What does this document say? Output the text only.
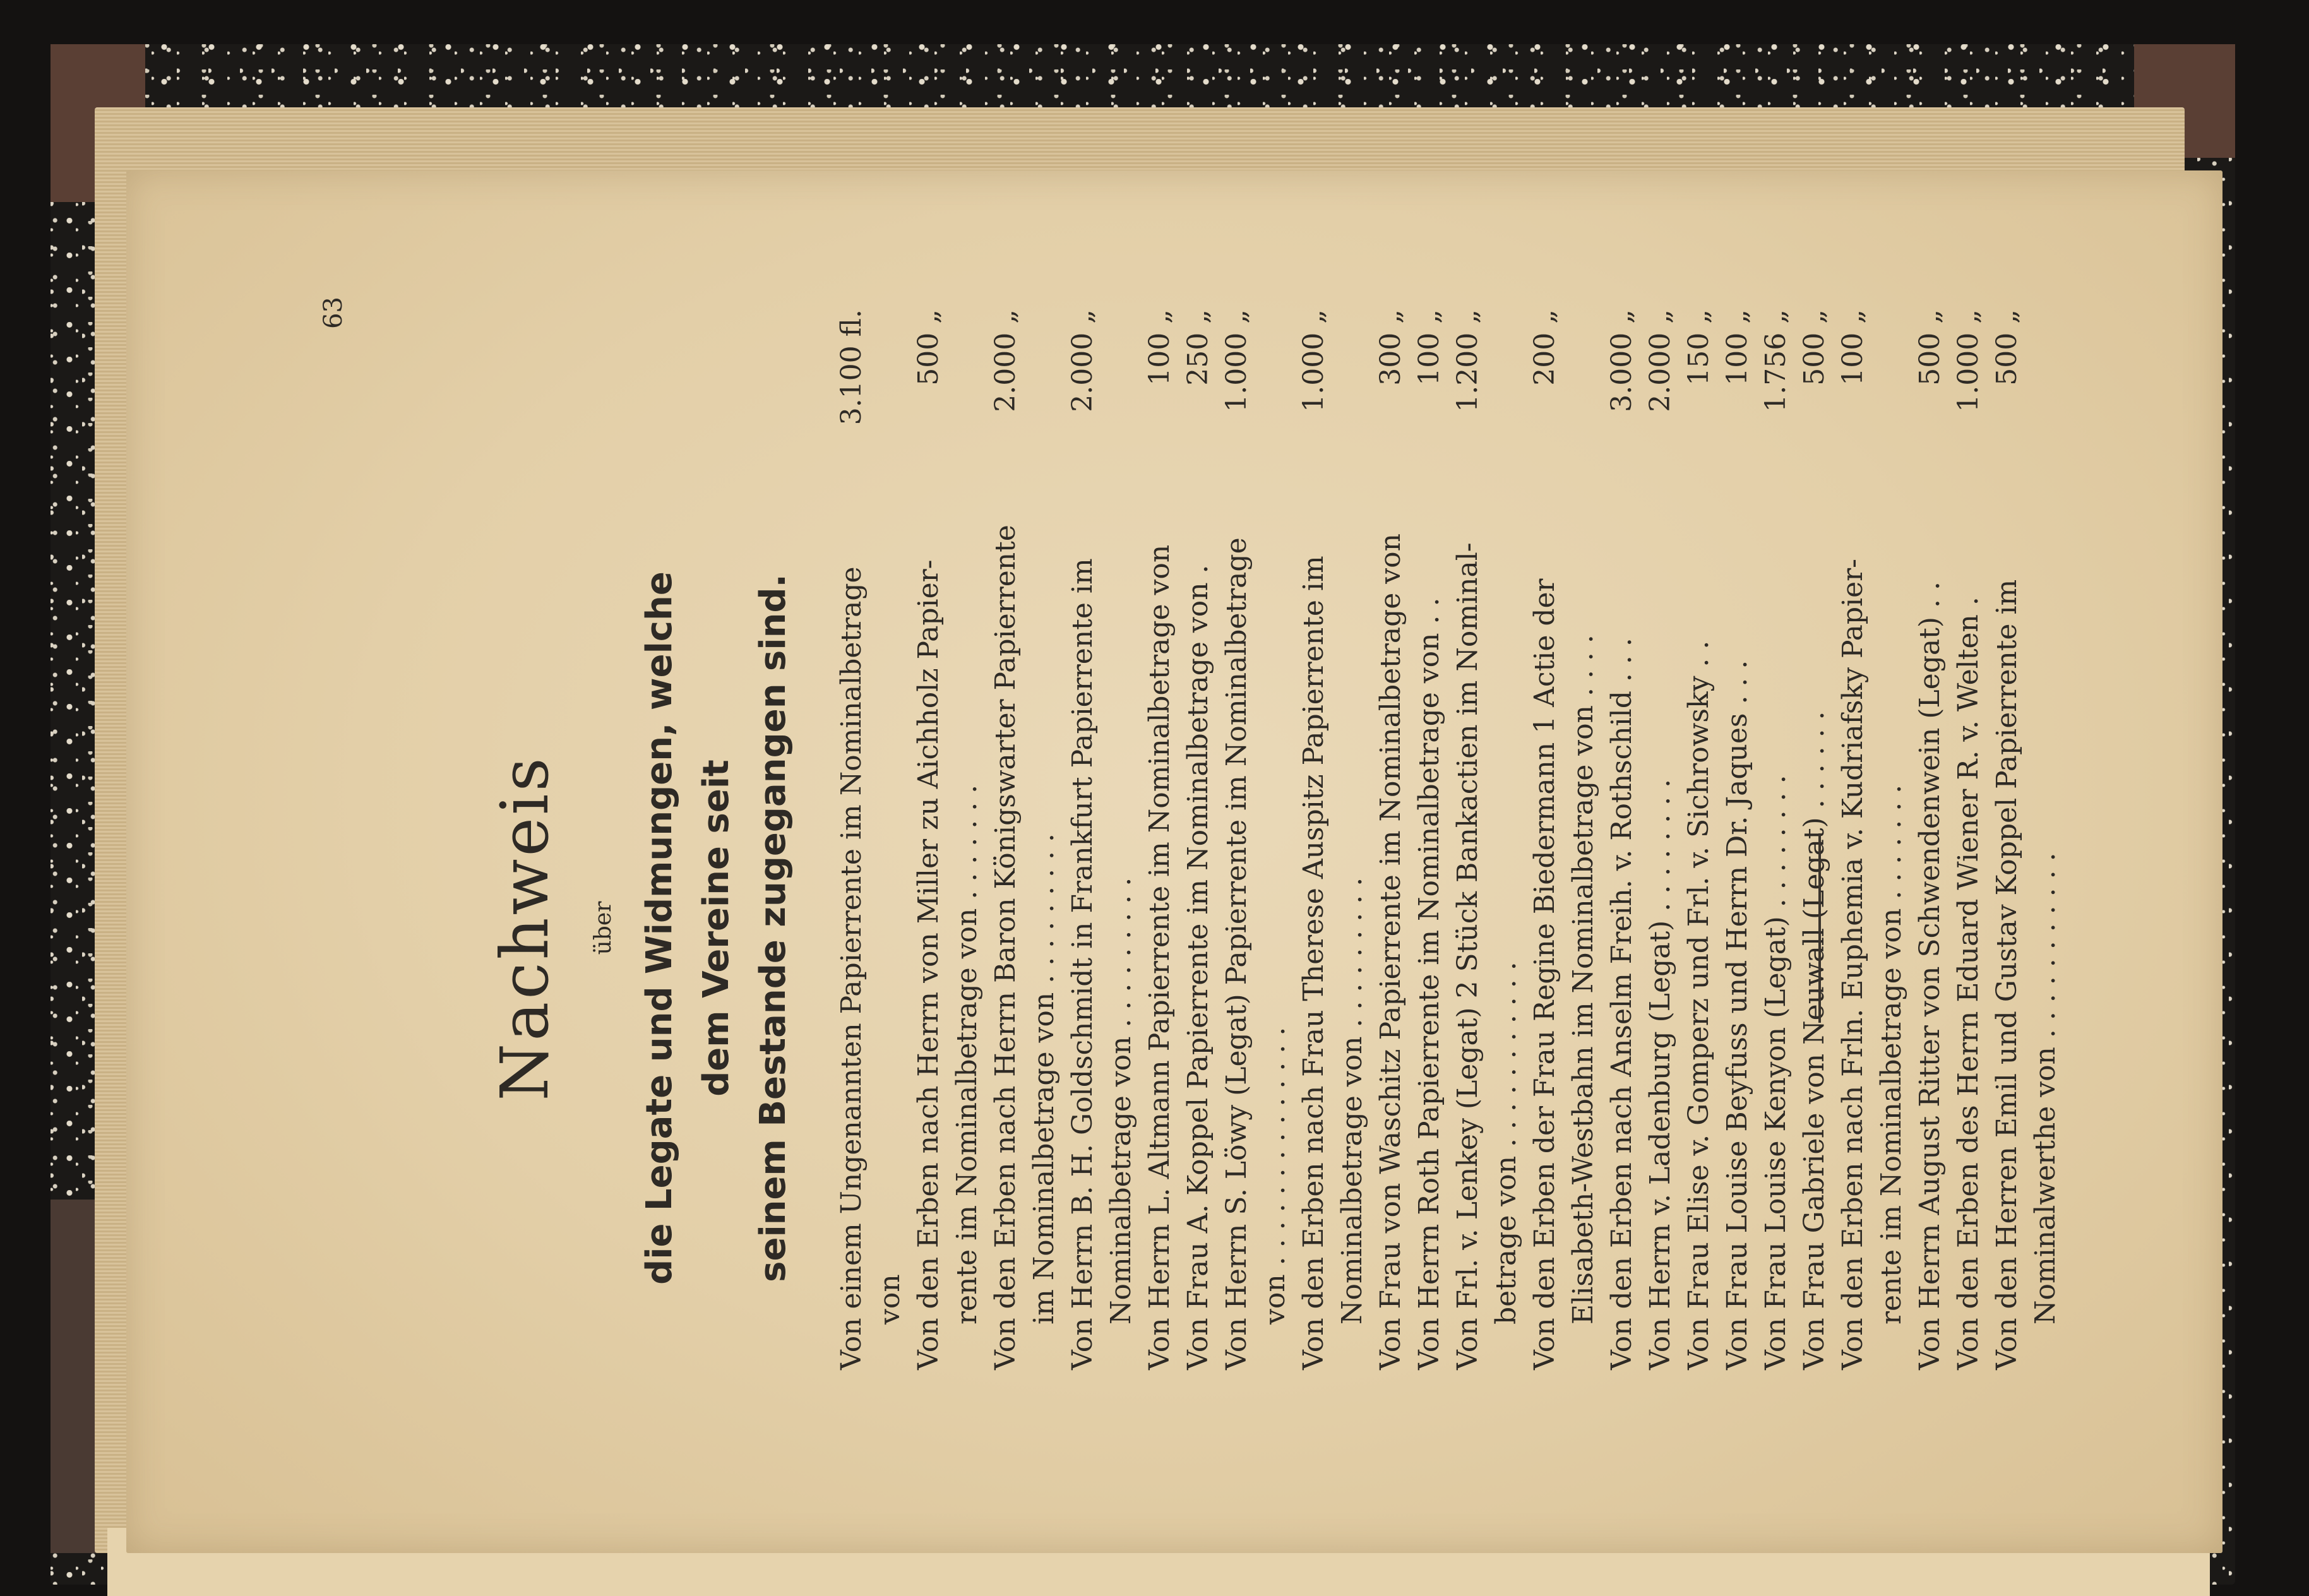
63
Nachweis über die Legate und Widmungen, welche dem Vereine seit seinem Bestande zugegangen sind. Von einem Ungenannten Papierrente im Nominalbetrage von
3.100 fl.
Von den Erben nach Herrn von Miller zu Aichholz Papier- rente im Nominalbetrage von . . . . . . .
500 „
Von den Erben nach Herrn Baron Königswarter Papierrente im Nominalbetrage von . . . . . . . . .
2.000 „
Von Herrn B. H. Goldschmidt in Frankfurt Papierrente im Nominalbetrage von . . . . . . . . .
2.000 „
Von Herrn L. Altmann Papierrente im Nominalbetrage von
100 „
Von Frau A. Koppel Papierrente im Nominalbetrage von .
250 „
Von Herrn S. Löwy (Legat) Papierrente im Nominalbetrage von . . . . . . . . . . . . . .
1.000 „
Von den Erben nach Frau Therese Auspitz Papierrente im Nominalbetrage von . . . . . . . . .
1.000 „
Von Frau von Waschitz Papierrente im Nominalbetrage von
300 „
Von Herrn Roth Papierrente im Nominalbetrage von . .
100 „
Von Frl. v. Lenkey (Legat) 2 Stück Bankactien im Nominal- betrage von . . . . . . . . . . .
1.200 „
Von den Erben der Frau Regine Biedermann 1 Actie der Elisabeth-Westbahn im Nominalbetrage von . . . .
200 „
Von den Erben nach Anselm Freih. v. Rothschild . . .
3.000 „
Von Herrn v. Ladenburg (Legat) . . . . . . . .
2.000 „
Von Frau Elise v. Gomperz und Frl. v. Sichrowsky . .
150 „
Von Frau Louise Beyfuss und Herrn Dr. Jaques . . .
100 „
Von Frau Louise Kenyon (Legat) . . . . . . . .
1.756 „
Von Frau Gabriele von Neuwall (Legat) . . . . . .
500 „
Von den Erben nach Frln. Euphemia v. Kudriafsky Papier- rente im Nominalbetrage von . . . . . . .
100 „
Von Herrn August Ritter von Schwendenwein (Legat) . .
500 „
Von den Erben des Herrn Eduard Wiener R. v. Welten .
1.000 „
Von den Herren Emil und Gustav Koppel Papierrente im Nominalwerthe von . . . . . . . . . . .
500 „
